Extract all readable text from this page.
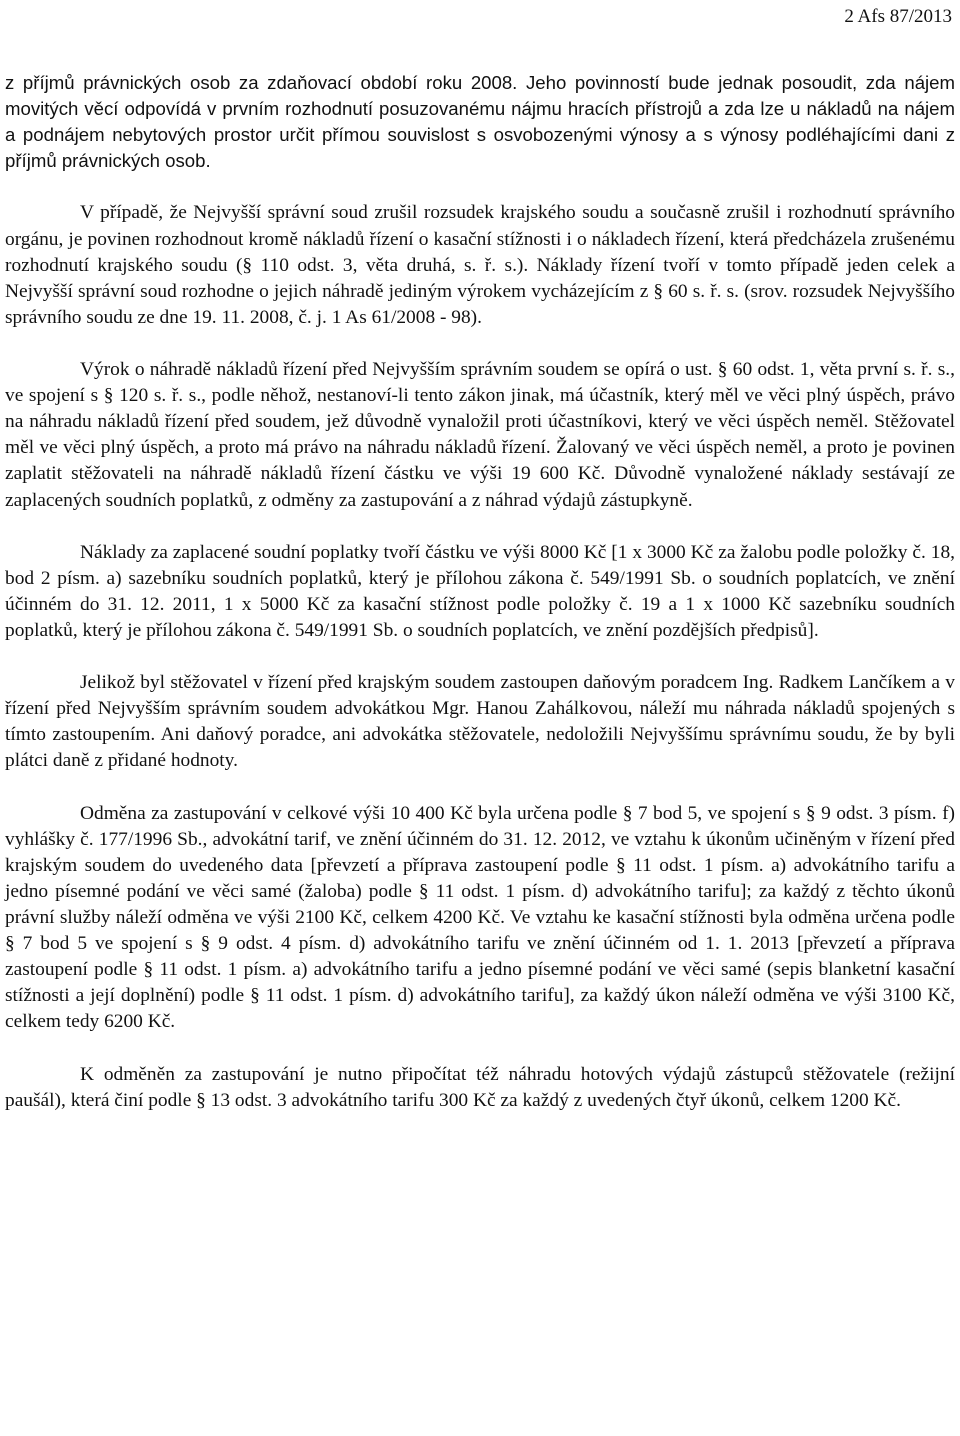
2 Afs 87/2013

z příjmů právnických osob za zdaňovací období roku 2008. Jeho povinností bude jednak posoudit, zda nájem movitých věcí odpovídá v prvním rozhodnutí posuzovanému nájmu hracích přístrojů a zda lze u nákladů na nájem a podnájem nebytových prostor určit přímou souvislost s osvobozenými výnosy a s výnosy podléhajícími dani z příjmů právnických osob.

V případě, že Nejvyšší správní soud zrušil rozsudek krajského soudu a současně zrušil i rozhodnutí správního orgánu, je povinen rozhodnout kromě nákladů řízení o kasační stížnosti i o nákladech řízení, která předcházela zrušenému rozhodnutí krajského soudu (§ 110 odst. 3, věta druhá, s. ř. s.). Náklady řízení tvoří v tomto případě jeden celek a Nejvyšší správní soud rozhodne o jejich náhradě jediným výrokem vycházejícím z § 60 s. ř. s. (srov. rozsudek Nejvyššího správního soudu ze dne 19. 11. 2008, č. j. 1 As 61/2008 - 98).

Výrok o náhradě nákladů řízení před Nejvyšším správním soudem se opírá o ust. § 60 odst. 1, věta první s. ř. s., ve spojení s § 120 s. ř. s., podle něhož, nestanoví-li tento zákon jinak, má účastník, který měl ve věci plný úspěch, právo na náhradu nákladů řízení před soudem, jež důvodně vynaložil proti účastníkovi, který ve věci úspěch neměl. Stěžovatel měl ve věci plný úspěch, a proto má právo na náhradu nákladů řízení. Žalovaný ve věci úspěch neměl, a proto je povinen zaplatit stěžovateli na náhradě nákladů řízení částku ve výši 19 600 Kč. Důvodně vynaložené náklady sestávají ze zaplacených soudních poplatků, z odměny za zastupování a z náhrad výdajů zástupkyně.

Náklady za zaplacené soudní poplatky tvoří částku ve výši 8000 Kč [1 x 3000 Kč za žalobu podle položky č. 18, bod 2 písm. a) sazebníku soudních poplatků, který je přílohou zákona č. 549/1991 Sb. o soudních poplatcích, ve znění účinném do 31. 12. 2011, 1 x 5000 Kč za kasační stížnost podle položky č. 19 a 1 x 1000 Kč sazebníku soudních poplatků, který je přílohou zákona č. 549/1991 Sb. o soudních poplatcích, ve znění pozdějších předpisů].

Jelikož byl stěžovatel v řízení před krajským soudem zastoupen daňovým poradcem Ing. Radkem Lančíkem a v řízení před Nejvyšším správním soudem advokátkou Mgr. Hanou Zahálkovou, náleží mu náhrada nákladů spojených s tímto zastoupením. Ani daňový poradce, ani advokátka stěžovatele, nedoložili Nejvyššímu správnímu soudu, že by byli plátci daně z přidané hodnoty.

Odměna za zastupování v celkové výši 10 400 Kč byla určena podle § 7 bod 5, ve spojení s § 9 odst. 3 písm. f) vyhlášky č. 177/1996 Sb., advokátní tarif, ve znění účinném do 31. 12. 2012, ve vztahu k úkonům učiněným v řízení před krajským soudem do uvedeného data [převzetí a příprava zastoupení podle § 11 odst. 1 písm. a) advokátního tarifu a jedno písemné podání ve věci samé (žaloba) podle § 11 odst. 1 písm. d) advokátního tarifu]; za každý z těchto úkonů právní služby náleží odměna ve výši 2100 Kč, celkem 4200 Kč. Ve vztahu ke kasační stížnosti byla odměna určena podle § 7 bod 5 ve spojení s § 9 odst. 4 písm. d) advokátního tarifu ve znění účinném od 1. 1. 2013 [převzetí a příprava zastoupení podle § 11 odst. 1 písm. a) advokátního tarifu a jedno písemné podání ve věci samé (sepis blanketní kasační stížnosti a její doplnění) podle § 11 odst. 1 písm. d) advokátního tarifu], za každý úkon náleží odměna ve výši 3100 Kč, celkem tedy 6200 Kč.

K odměněn za zastupování je nutno připočítat též náhradu hotových výdajů zástupců stěžovatele (režijní paušál), která činí podle § 13 odst. 3 advokátního tarifu 300 Kč za každý z uvedených čtyř úkonů, celkem 1200 Kč.
